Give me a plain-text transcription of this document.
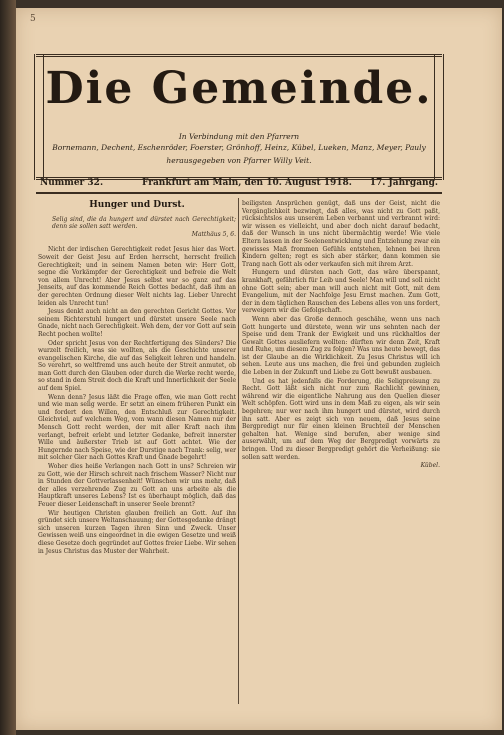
5
Die Gemeinde.
In Verbindung mit den Pfarrern
Bornemann, Dechent, Eschenröder, Foerster, Grönhoff, Heinz, Kübel, Lueken, Manz, Meyer, Pauly
herausgegeben von Pfarrer Willy Veit.
Nummer 32.	Frankfurt am Main, den 10. August 1918. 17. Jahrgang.
Hunger und Durst.
Selig sind, die da hungert und dürstet nach Gerechtigkeit; denn sie sollen satt werden.
Matthäus 5, 6.

Nicht der irdischen Gerechtigkeit redet Jesus hier das Wort. Soweit der Geist Jesu auf Erden herrscht, herrscht freilich Gerechtigkeit; und in seinem Namen beten wir: Herr Gott, segne die Vorkämpfer der Gerechtigkeit und befreie die Welt von allem Unrecht! Aber Jesus selbst war so ganz auf das Jenseits, auf das kommende Reich Gottes bedacht, daß ihm an der gerechten Ordnung dieser Welt nichts lag. Lieber Unrecht leiden als Unrecht tun!

Jesus denkt auch nicht an den gerechten Gericht Gottes. Vor seinem Richterstuhl hungert und dürstet unsere Seele nach Gnade, nicht nach Gerechtigkeit. Weh dem, der vor Gott auf sein Recht pochen wollte!

Oder spricht Jesus von der Rechtfertigung des Sünders? Die wurzelt freilich, was sie wollten, als die Geschichte unserer evangelischen Kirche, die auf das Seligkeit lehren und handeln. So verehrt, so weltfremd uns auch heute der Streit anmutet, ob man Gott durch den Glauben oder durch die Werke recht werde, so stand in dem Streit doch die Kraft und Innerlichkeit der Seele auf dem Spiel.

Wenn denn? Jesus läßt die Frage offen, wie man Gott recht und wie man selig werde. Er setzt an einem früheren Punkt ein und fordert den Willen, den Entschluß zur Gerechtigkeit. Gleichviel, auf welchem Weg, vom wann diesen Namen nur der Mensch Gott recht werden, der mit aller Kraft nach ihm verlangt, befreit erlebt und letzter Gedanke, befreit innerster Wille und äußerster Trieb ist auf Gott achtet. Wie der Hungernde nach Speise, wie der Durstige nach Trank: selig, wer mit solcher Gier nach Gottes Kraft und Gnade begehrt!

Woher dies heiße Verlangen nach Gott in uns? Schreien wir zu Gott, wie der Hirsch schreit nach frischem Wasser? Nicht nur in Stunden der Gottverlassenheit! Wünschen wir uns mehr, daß der alles verzehrende Zug zu Gott an uns arbeite als die Hauptkraft unseres Lebens? Ist es überhaupt möglich, daß das Feuer dieser Leidenschaft in unserer Seele brennt?

Wir heutigen Christen glauben freilich an Gott. Auf ihn gründet sich unsere Weltanschauung; der Gottesgedanke drängt sich unseren kurzen Tagen ihren Sinn und Zweck. Unser Gewissen weiß uns eingeordnet in die ewigen Gesetze und weiß diese Gesetze doch gegründet auf Gottes freier Liebe. Wir sehen in Jesus Christus das Muster der Wahrheit.

beiligsten Ansprüchen genügt, daß uns der Geist, nicht die Vergänglichkeit bezwingt, daß alles, was nicht zu Gott paßt, rücksichtslos aus unserem Leben verbannt und verbrannt wird: wir wissen es vielleicht, und aber doch nicht darauf bedacht, daß der Wunsch in uns nicht übermächtig werde! Wie viele Eltern lassen in der Seelenentwicklung und Entziehung zwar ein gewisses Maß frommen Gefühls entstehen, lehnen bei ihren Kindern gelten; regt es sich aber stärker, dann kommen sie Trang nach Gott als oder verkaufen sich mit ihrem Arzt.

Hungern und dürsten nach Gott, das wäre überspannt, krankhaft, gefährlich für Leib und Seele! Man will und soll nicht ohne Gott sein; aber man will auch nicht mit Gott, mit dem Evangelium, mit der Nachfolge Jesu Ernst machen. Zum Gott, der in dem täglichen Rauschen des Lebens alles von uns fordert, verweigern wir die Gefolgschaft.

Wenn aber das Große dennoch geschähe, wenn uns nach Gott hungerte und dürstete, wenn wir uns sehnten nach der Speise und dem Trank der Ewigkeit und uns rückhaltlos der Gewalt Gottes ausliefern wollten: dürften wir denn Zeit, Kraft und Ruhe, um diesem Zug zu folgen? Was uns heute bewegt, das ist der Glaube an die Wirklichkeit. Zu Jesus Christus will ich sehen. Leute aus uns machen, die frei und gebunden zugleich die Leben in der Zukunft und Liebe zu Gott bewußt ausbauen.

Und es hat jedenfalls die Forderung, die Seligpreisung zu Recht. Gott läßt sich nicht nur zum Rachlicht gewinnen, während wir die eigentliche Nahrung aus den Quellen dieser Welt schöpfen. Gott wird uns in dem Maß zu eigen, als wir sein begehren; nur wer nach ihm hungert und dürstet, wird durch ihn satt. Aber es zeigt sich von neuem, daß Jesus seine Bergpredigt nur für einen kleinen Bruchteil der Menschen gehalten hat. Wenige sind berufen, aber wenige sind auserwählt, um auf dem Weg der Bergpredigt vorwärts zu bringen. Und zu dieser Bergpredigt gehört die Verheißung: sie sollen satt werden.

Kübel.
